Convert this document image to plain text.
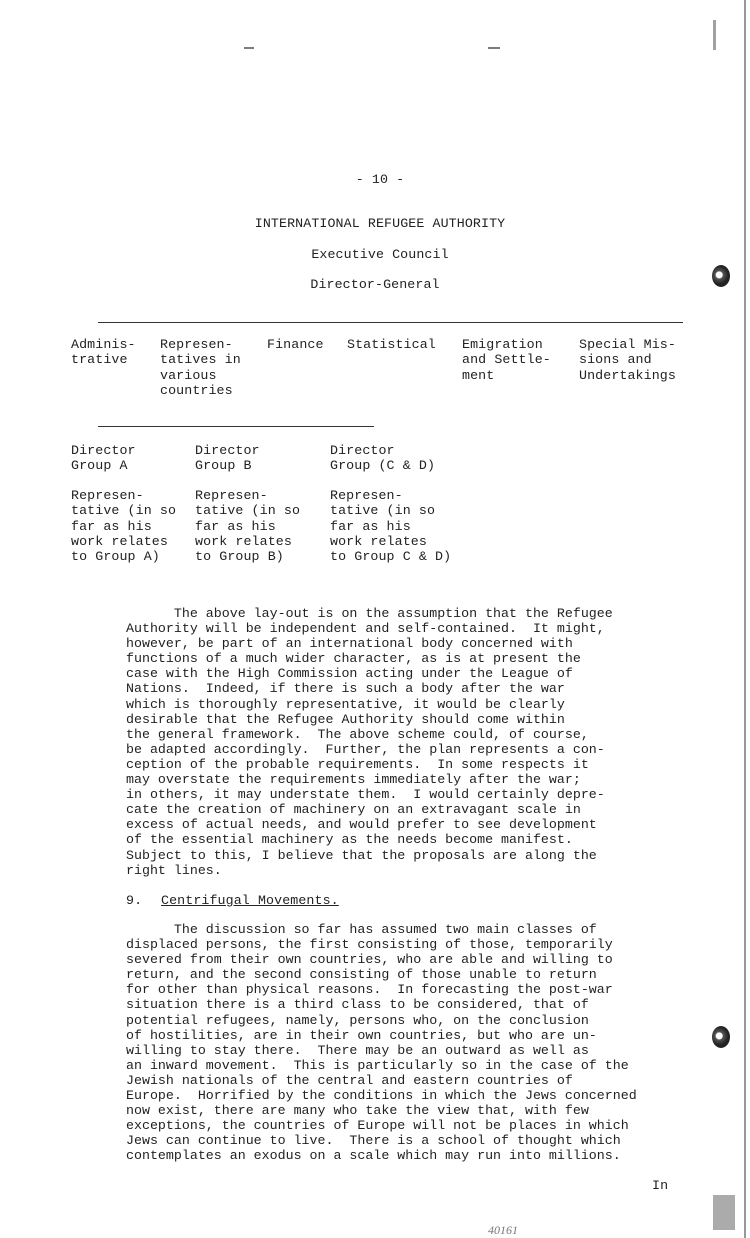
- 10 -
INTERNATIONAL REFUGEE AUTHORITY
Executive Council
Director-General
Adminis-
trative
Represen-
tatives in
various
countries
Finance Statistical Emigration
and Settle-
ment
Special Mis-
sions and
Undertakings
Director
Group A
Director
Group B
Director
Group (C & D)
Represen-
tative (in so
far as his
work relates
to Group A)
Represen-
tative (in so
far as his
work relates
to Group B)
Represen-
tative (in so
far as his
work relates
to Group C & D)
The above lay-out is on the assumption that the Refugee
Authority will be independent and self-contained.  It might,
however, be part of an international body concerned with
functions of a much wider character, as is at present the
case with the High Commission acting under the League of
Nations.  Indeed, if there is such a body after the war
which is thoroughly representative, it would be clearly
desirable that the Refugee Authority should come within
the general framework.  The above scheme could, of course,
be adapted accordingly.  Further, the plan represents a con-
ception of the probable requirements.  In some respects it
may overstate the requirements immediately after the war;
in others, it may understate them.  I would certainly depre-
cate the creation of machinery on an extravagant scale in
excess of actual needs, and would prefer to see development
of the essential machinery as the needs become manifest.
Subject to this, I believe that the proposals are along the
right lines.
9. Centrifugal Movements.
The discussion so far has assumed two main classes of
displaced persons, the first consisting of those, temporarily
severed from their own countries, who are able and willing to
return, and the second consisting of those unable to return
for other than physical reasons.  In forecasting the post-war
situation there is a third class to be considered, that of
potential refugees, namely, persons who, on the conclusion
of hostilities, are in their own countries, but who are un-
willing to stay there.  There may be an outward as well as
an inward movement.  This is particularly so in the case of the
Jewish nationals of the central and eastern countries of
Europe.  Horrified by the conditions in which the Jews concerned
now exist, there are many who take the view that, with few
exceptions, the countries of Europe will not be places in which
Jews can continue to live.  There is a school of thought which
contemplates an exodus on a scale which may run into millions.
In
40161
